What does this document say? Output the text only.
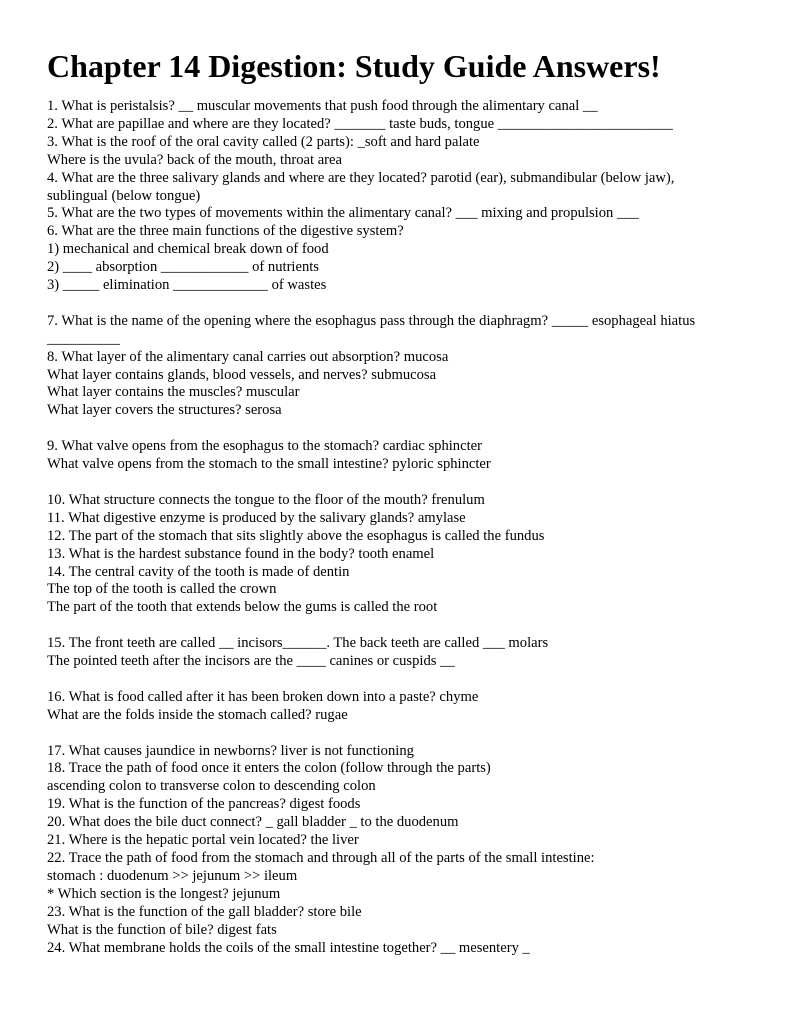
Chapter 14 Digestion: Study Guide Answers!
1. What is peristalsis? __ muscular movements that push food through the alimentary canal __
2. What are papillae and where are they located? _______ taste buds, tongue ________________________
3. What is the roof of the oral cavity called (2 parts): _soft and hard palate
Where is the uvula? back of the mouth, throat area
4. What are the three salivary glands and where are they located? parotid (ear), submandibular (below jaw),
sublingual (below tongue)
5. What are the two types of movements within the alimentary canal? ___ mixing and propulsion ___
6. What are the three main functions of the digestive system?
1) mechanical and chemical break down of food
2) ____ absorption ____________ of nutrients
3) _____ elimination _____________ of wastes
7. What is the name of the opening where the esophagus pass through the diaphragm? _____ esophageal hiatus
__________
8. What layer of the alimentary canal carries out absorption? mucosa
What layer contains glands, blood vessels, and nerves? submucosa
What layer contains the muscles? muscular
What layer covers the structures? serosa
9. What valve opens from the esophagus to the stomach? cardiac sphincter
What valve opens from the stomach to the small intestine? pyloric sphincter
10. What structure connects the tongue to the floor of the mouth? frenulum
11. What digestive enzyme is produced by the salivary glands? amylase
12. The part of the stomach that sits slightly above the esophagus is called the fundus
13. What is the hardest substance found in the body? tooth enamel
14. The central cavity of the tooth is made of dentin
The top of the tooth is called the crown
The part of the tooth that extends below the gums is called the root
15. The front teeth are called __ incisors______. The back teeth are called ___ molars
The pointed teeth after the incisors are the ____ canines or cuspids __
16. What is food called after it has been broken down into a paste? chyme
What are the folds inside the stomach called? rugae
17. What causes jaundice in newborns? liver is not functioning
18. Trace the path of food once it enters the colon (follow through the parts)
ascending colon to transverse colon to descending colon
19. What is the function of the pancreas? digest foods
20. What does the bile duct connect? _ gall bladder _ to the duodenum
21. Where is the hepatic portal vein located? the liver
22. Trace the path of food from the stomach and through all of the parts of the small intestine:
stomach : duodenum >> jejunum >> ileum
* Which section is the longest? jejunum
23. What is the function of the gall bladder? store bile
What is the function of bile? digest fats
24. What membrane holds the coils of the small intestine together? __ mesentery _
